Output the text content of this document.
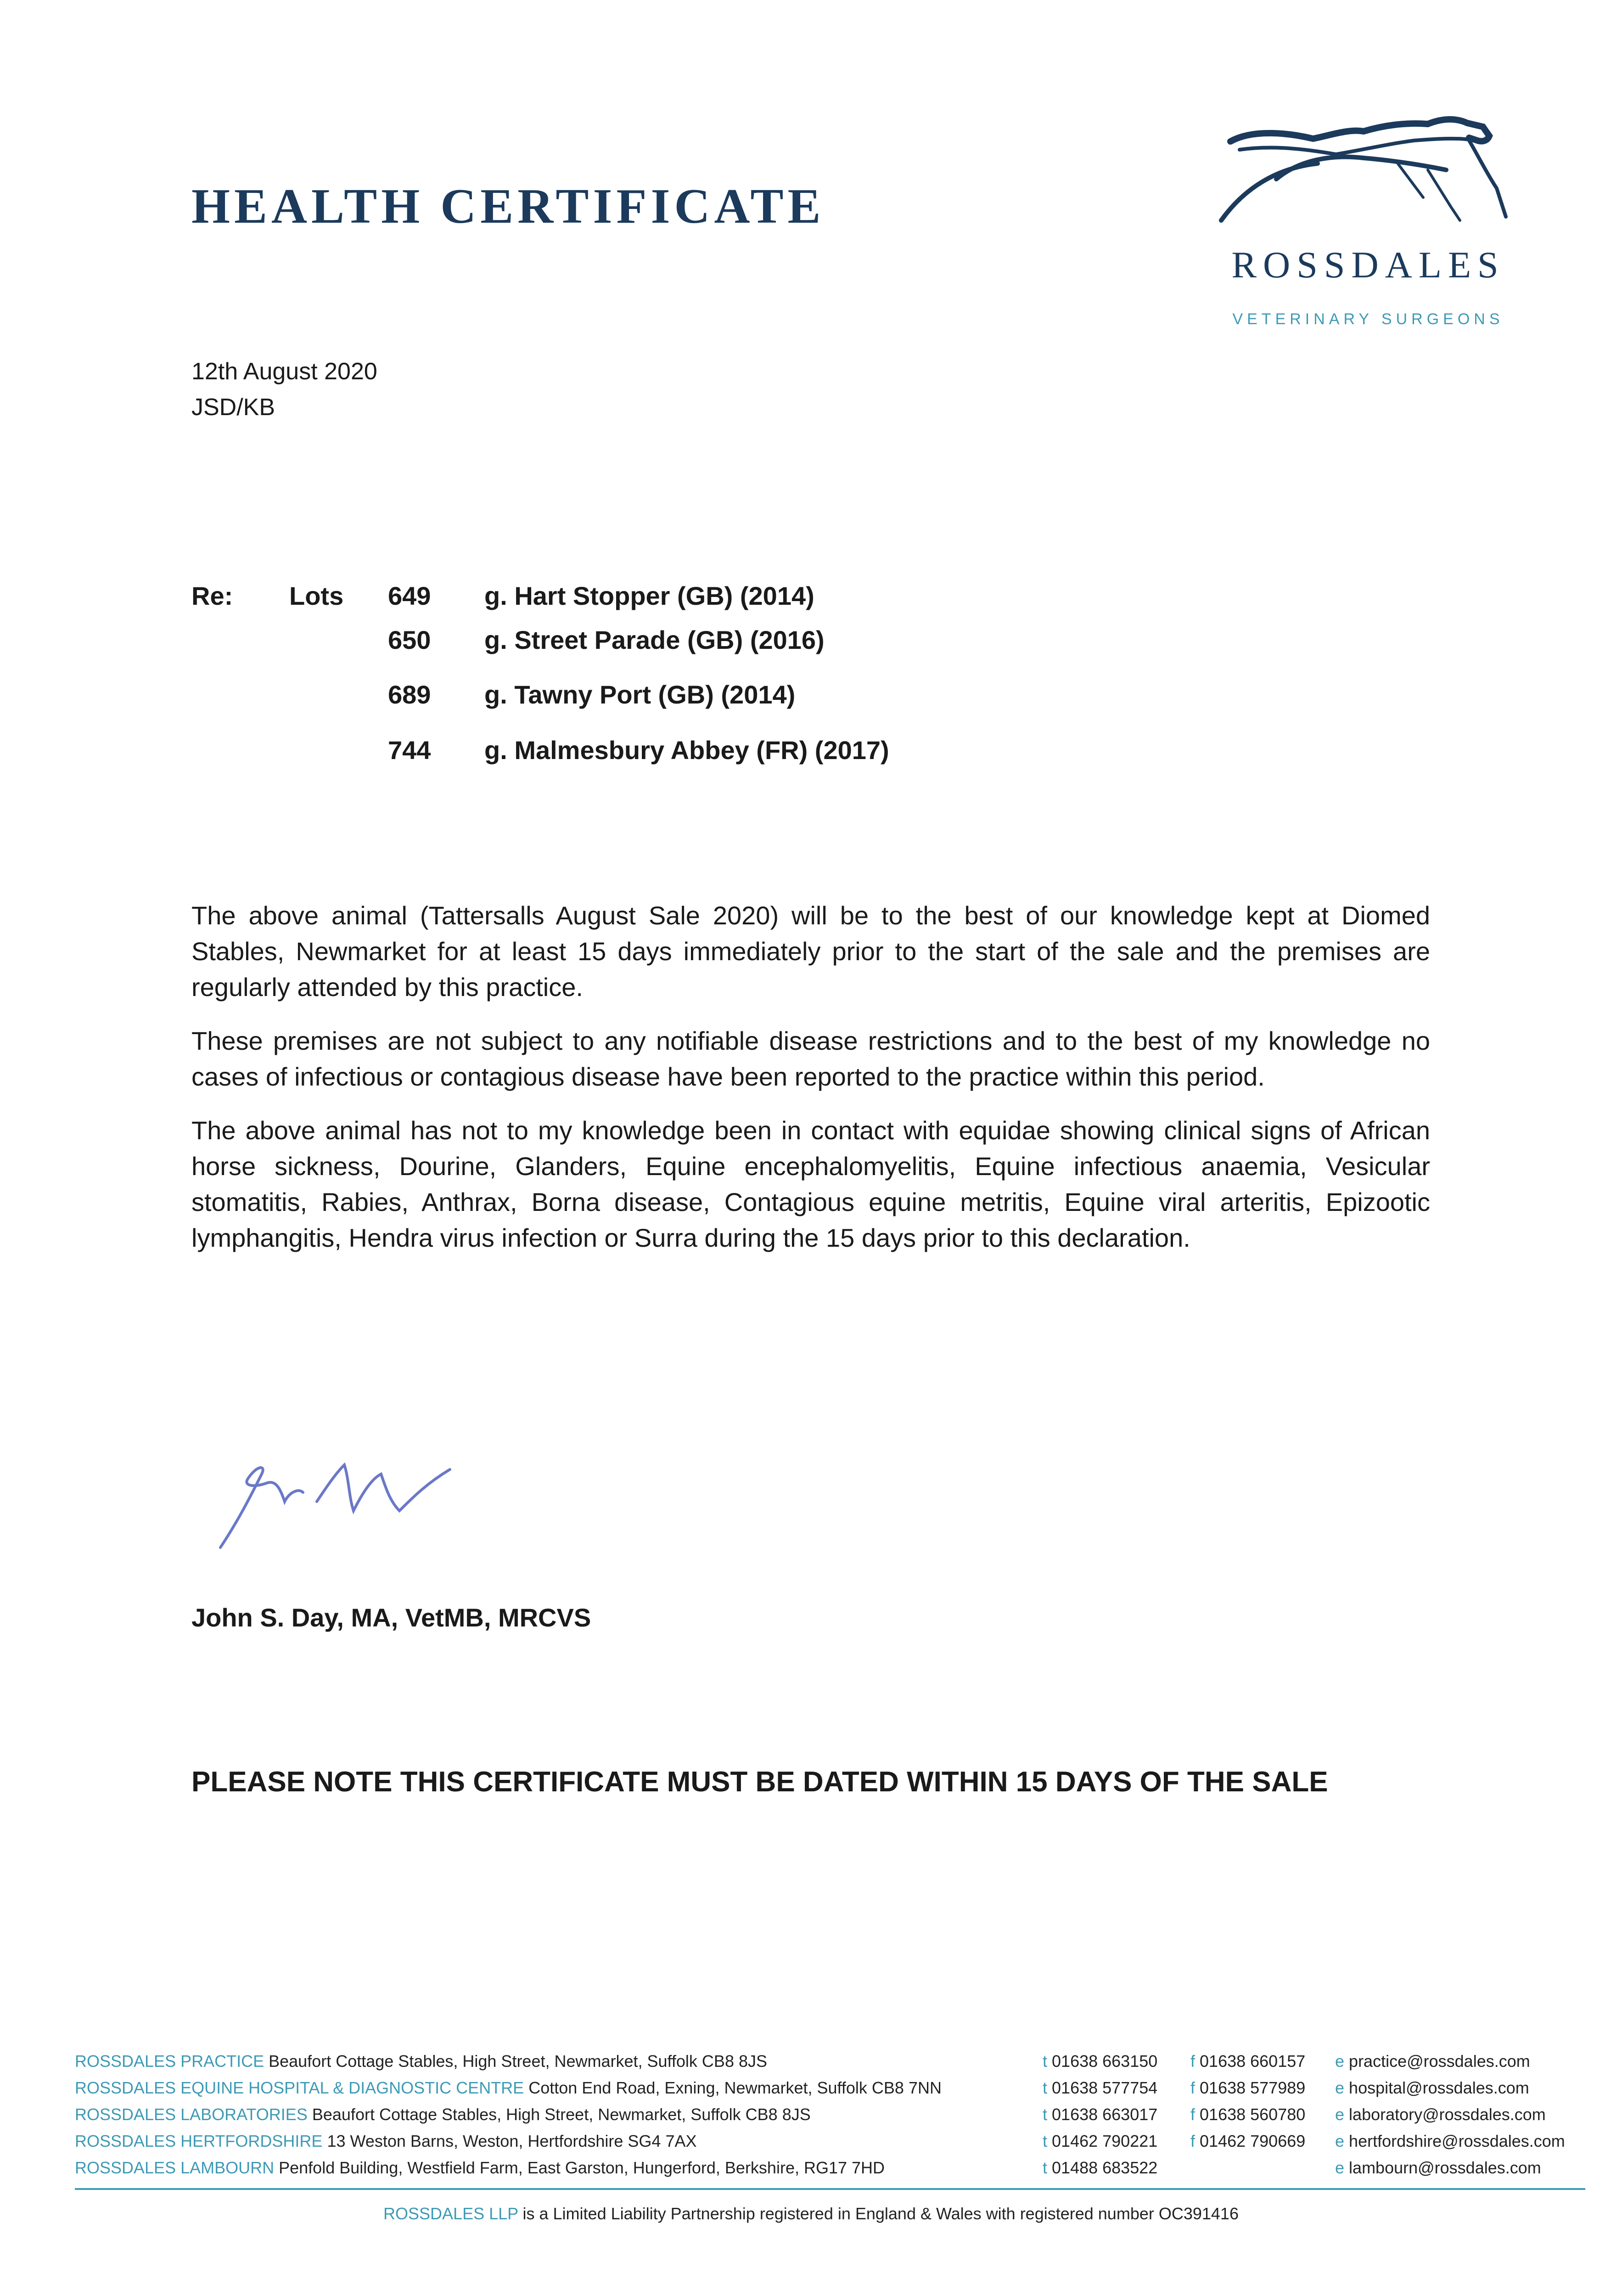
HEALTH CERTIFICATE
ROSSDALES
VETERINARY SURGEONS
12th August 2020
JSD/KB
Re: Lots 649 g. Hart Stopper (GB) (2014)
650 g. Street Parade (GB) (2016)
689 g. Tawny Port (GB) (2014)
744 g. Malmesbury Abbey (FR) (2017)

The above animal (Tattersalls August Sale 2020) will be to the best of our knowledge kept at Diomed Stables, Newmarket for at least 15 days immediately prior to the start of the sale and the premises are regularly attended by this practice.

These premises are not subject to any notifiable disease restrictions and to the best of my knowledge no cases of infectious or contagious disease have been reported to the practice within this period.

The above animal has not to my knowledge been in contact with equidae showing clinical signs of African horse sickness, Dourine, Glanders, Equine encephalomyelitis, Equine infectious anaemia, Vesicular stomatitis, Rabies, Anthrax, Borna disease, Contagious equine metritis, Equine viral arteritis, Epizootic lymphangitis, Hendra virus infection or Surra during the 15 days prior to this declaration.

John S. Day, MA, VetMB, MRCVS
PLEASE NOTE THIS CERTIFICATE MUST BE DATED WITHIN 15 DAYS OF THE SALE
ROSSDALES PRACTICE Beaufort Cottage Stables, High Street, Newmarket, Suffolk CB8 8JS	t 01638 663150 f 01638 660157 e practice@rossdales.com
ROSSDALES EQUINE HOSPITAL & DIAGNOSTIC CENTRE Cotton End Road, Exning, Newmarket, Suffolk CB8 7NN	t 01638 577754 f 01638 577989 e hospital@rossdales.com
ROSSDALES LABORATORIES Beaufort Cottage Stables, High Street, Newmarket, Suffolk CB8 8JS	t 01638 663017 f 01638 560780 e laboratory@rossdales.com
ROSSDALES HERTFORDSHIRE 13 Weston Barns, Weston, Hertfordshire SG4 7AX	t 01462 790221 f 01462 790669 e hertfordshire@rossdales.com
ROSSDALES LAMBOURN Penfold Building, Westfield Farm, East Garston, Hungerford, Berkshire, RG17 7HD	t 01488 683522	e lambourn@rossdales.com
ROSSDALES LLP is a Limited Liability Partnership registered in England & Wales with registered number OC391416
